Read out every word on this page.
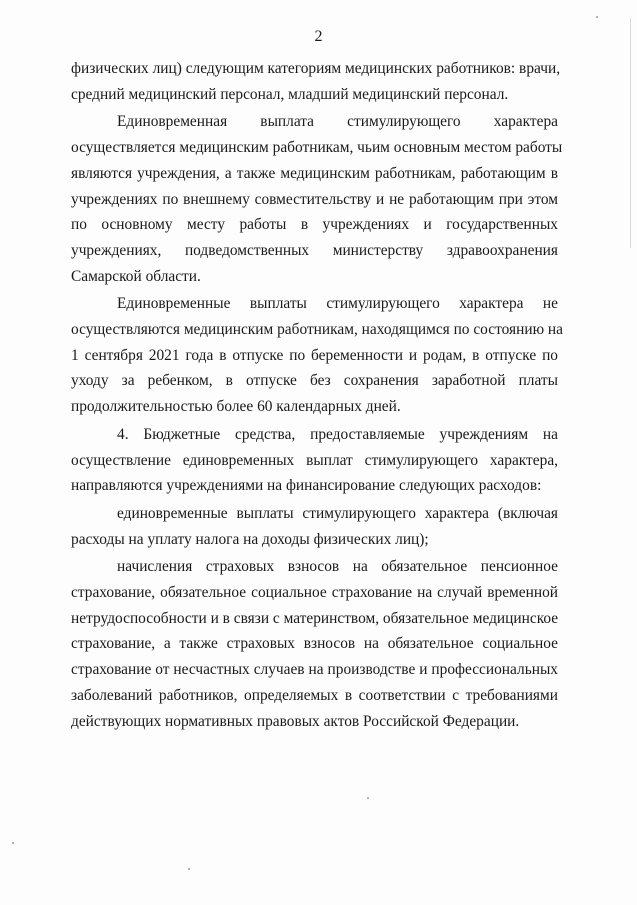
2
физических лиц) следующим категориям медицинских работников: врачи,
средний медицинский персонал, младший медицинский персонал.
Единовременная выплата стимулирующего характера
осуществляется медицинским работникам, чьим основным местом работы
являются учреждения, а также медицинским работникам, работающим в
учреждениях по внешнему совместительству и не работающим при этом
по основному месту работы в учреждениях и государственных
учреждениях, подведомственных министерству здравоохранения
Самарской области.
Единовременные выплаты стимулирующего характера не
осуществляются медицинским работникам, находящимся по состоянию на
1 сентября 2021 года в отпуске по беременности и родам, в отпуске по
уходу за ребенком, в отпуске без сохранения заработной платы
продолжительностью более 60 календарных дней.
4. Бюджетные средства, предоставляемые учреждениям на
осуществление единовременных выплат стимулирующего характера,
направляются учреждениями на финансирование следующих расходов:
единовременные выплаты стимулирующего характера (включая
расходы на уплату налога на доходы физических лиц);
начисления страховых взносов на обязательное пенсионное
страхование, обязательное социальное страхование на случай временной
нетрудоспособности и в связи с материнством, обязательное медицинское
страхование, а также страховых взносов на обязательное социальное
страхование от несчастных случаев на производстве и профессиональных
заболеваний работников, определяемых в соответствии с требованиями
действующих нормативных правовых актов Российской Федерации.
